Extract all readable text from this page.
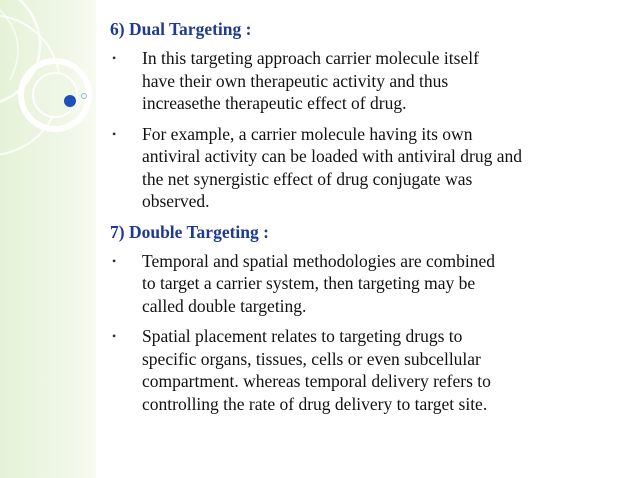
6) Dual Targeting :
• In this targeting approach carrier molecule itself
have their own therapeutic activity and thus
increasethe therapeutic effect of drug.
• For example, a carrier molecule having its own
antiviral activity can be loaded with antiviral drug and
the net synergistic effect of drug conjugate was
observed.
7) Double Targeting :
• Temporal and spatial methodologies are combined
to target a carrier system, then targeting may be
called double targeting.
• Spatial placement relates to targeting drugs to
specific organs, tissues, cells or even subcellular
compartment. whereas temporal delivery refers to
controlling the rate of drug delivery to target site.
